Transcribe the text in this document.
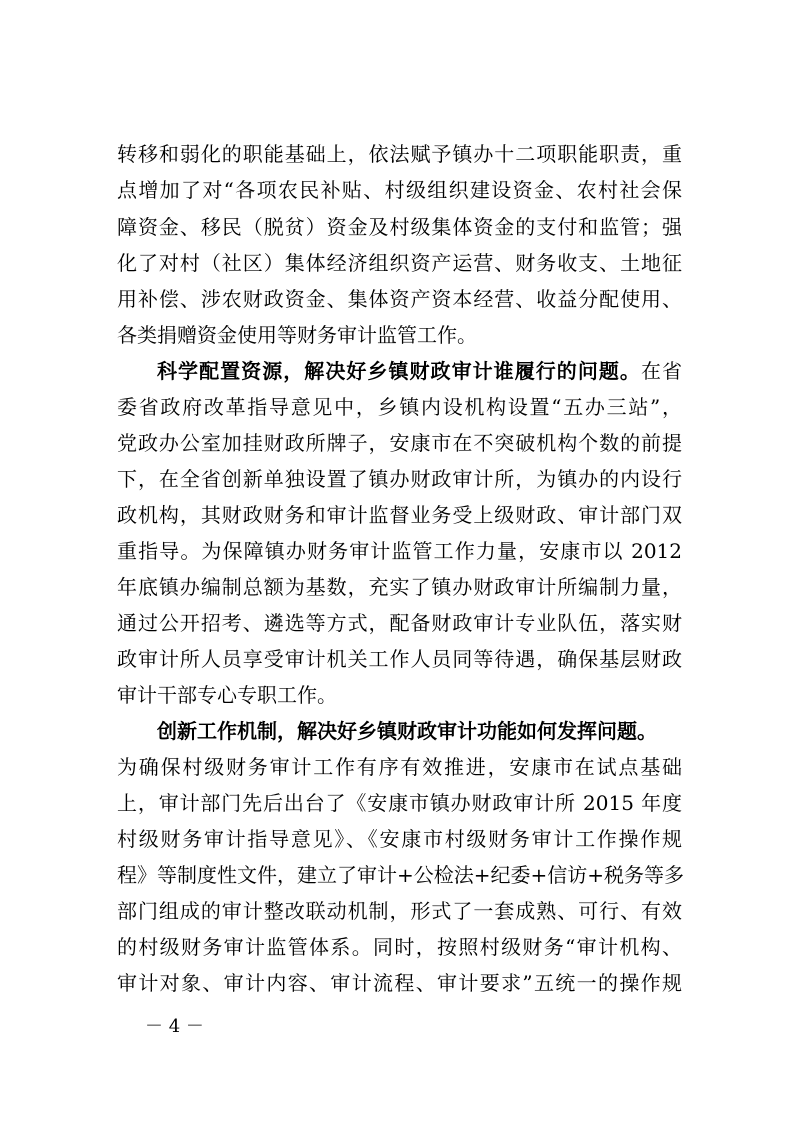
转移和弱化的职能基础上，依法赋予镇办十二项职能职责，重
点增加了对“各项农民补贴、村级组织建设资金、农村社会保
障资金、移民（脱贫）资金及村级集体资金的支付和监管；强
化了对村（社区）集体经济组织资产运营、财务收支、土地征
用补偿、涉农财政资金、集体资产资本经营、收益分配使用、
各类捐赠资金使用等财务审计监管工作。
科学配置资源，解决好乡镇财政审计谁履行的问题。在省
委省政府改革指导意见中，乡镇内设机构设置“五办三站”，
党政办公室加挂财政所牌子，安康市在不突破机构个数的前提
下，在全省创新单独设置了镇办财政审计所，为镇办的内设行
政机构，其财政财务和审计监督业务受上级财政、审计部门双
重指导。为保障镇办财务审计监管工作力量，安康市以 2012
年底镇办编制总额为基数，充实了镇办财政审计所编制力量，
通过公开招考、遴选等方式，配备财政审计专业队伍，落实财
政审计所人员享受审计机关工作人员同等待遇，确保基层财政
审计干部专心专职工作。
创新工作机制，解决好乡镇财政审计功能如何发挥问题。
为确保村级财务审计工作有序有效推进，安康市在试点基础
上，审计部门先后出台了《安康市镇办财政审计所 2015 年度
村级财务审计指导意见》、《安康市村级财务审计工作操作规
程》等制度性文件，建立了审计+公检法+纪委+信访+税务等多
部门组成的审计整改联动机制，形式了一套成熟、可行、有效
的村级财务审计监管体系。同时，按照村级财务“审计机构、
审计对象、审计内容、审计流程、审计要求”五统一的操作规
－ 4 －
